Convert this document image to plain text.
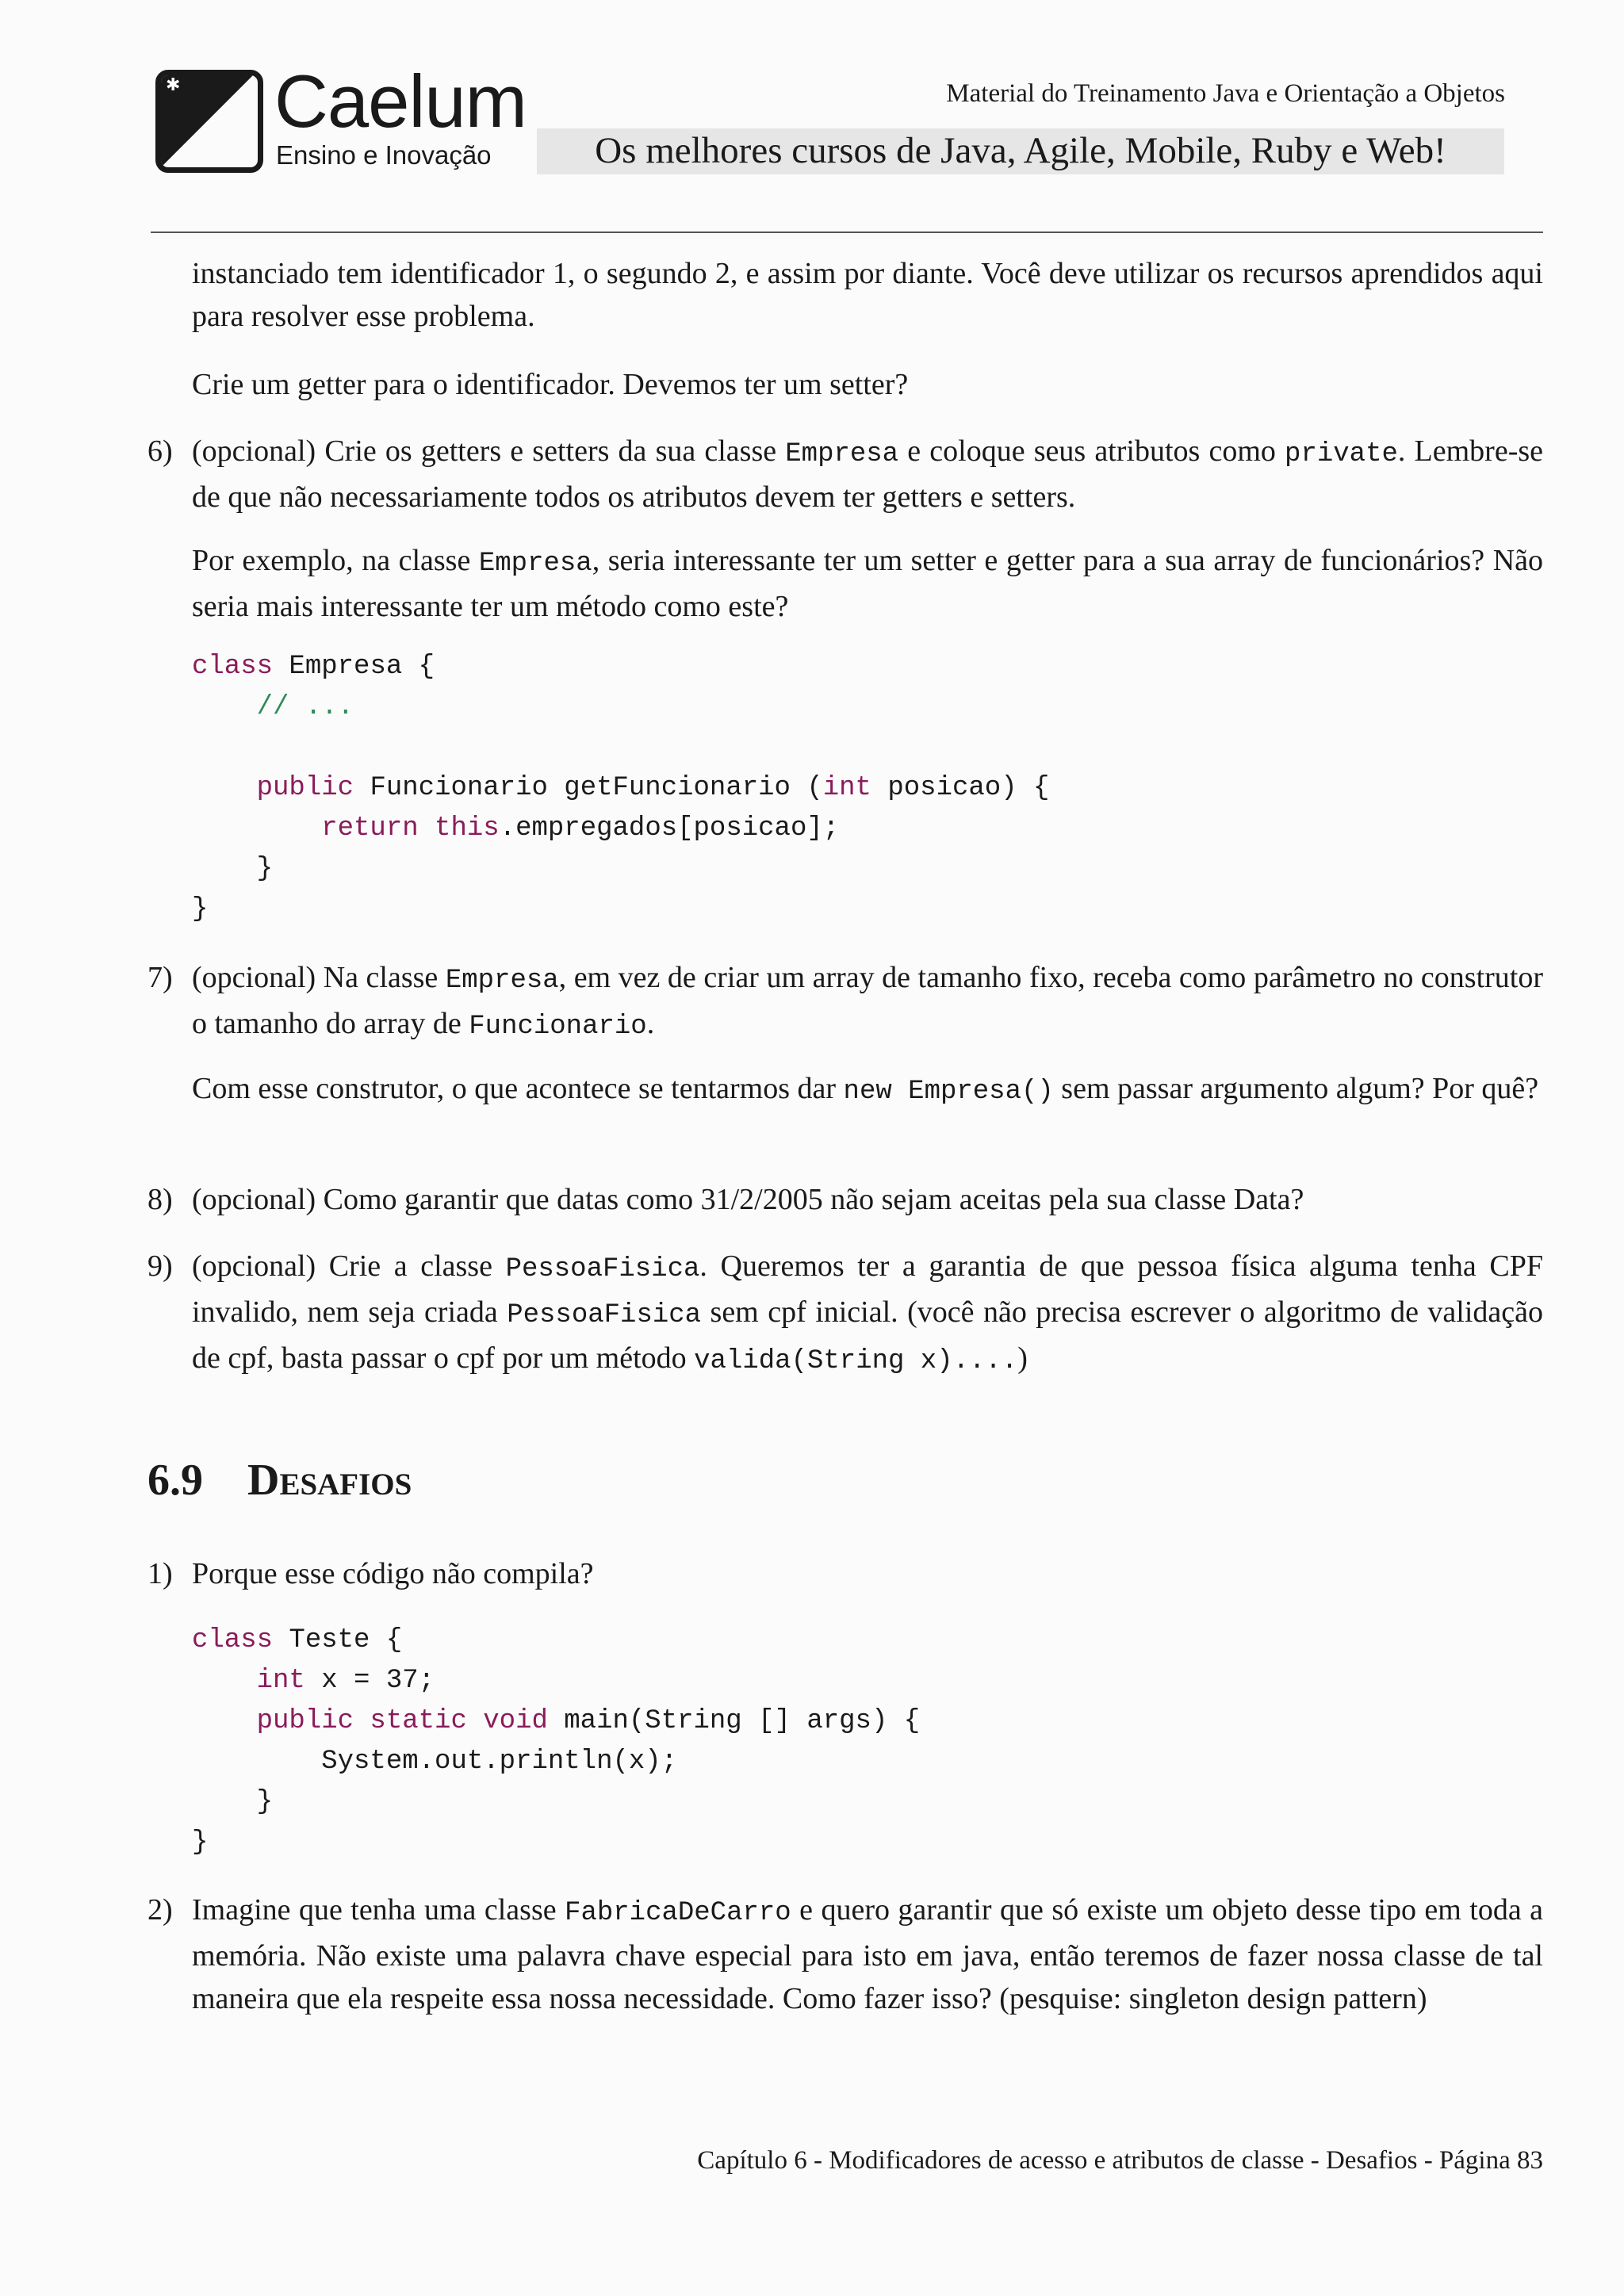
✱ Caelum
Ensino e Inovação
Material do Treinamento Java e Orientação a Objetos
Os melhores cursos de Java, Agile, Mobile, Ruby e Web!
instanciado tem identificador 1, o segundo 2, e assim por diante. Você deve utilizar os recursos aprendidos aqui para resolver esse problema.
Crie um getter para o identificador. Devemos ter um setter?
6) (opcional) Crie os getters e setters da sua classe Empresa e coloque seus atributos como private. Lembre-se de que não necessariamente todos os atributos devem ter getters e setters.
Por exemplo, na classe Empresa, seria interessante ter um setter e getter para a sua array de funcionários? Não seria mais interessante ter um método como este?
class Empresa {
// ...

public Funcionario getFuncionario (int posicao) {
return this.empregados[posicao];
}
}
7) (opcional) Na classe Empresa, em vez de criar um array de tamanho fixo, receba como parâmetro no construtor o tamanho do array de Funcionario.
Com esse construtor, o que acontece se tentarmos dar new Empresa() sem passar argumento algum? Por quê?
8) (opcional) Como garantir que datas como 31/2/2005 não sejam aceitas pela sua classe Data?
9) (opcional) Crie a classe PessoaFisica. Queremos ter a garantia de que pessoa física alguma tenha CPF invalido, nem seja criada PessoaFisica sem cpf inicial. (você não precisa escrever o algoritmo de validação de cpf, basta passar o cpf por um método valida(String x)....)
6.9 Desafios
1) Porque esse código não compila?
class Teste {
int x = 37;
public static void main(String [] args) {
System.out.println(x);
}
}
2) Imagine que tenha uma classe FabricaDeCarro e quero garantir que só existe um objeto desse tipo em toda a memória. Não existe uma palavra chave especial para isto em java, então teremos de fazer nossa classe de tal maneira que ela respeite essa nossa necessidade. Como fazer isso? (pesquise: singleton design pattern)
Capítulo 6 - Modificadores de acesso e atributos de classe - Desafios - Página 83
